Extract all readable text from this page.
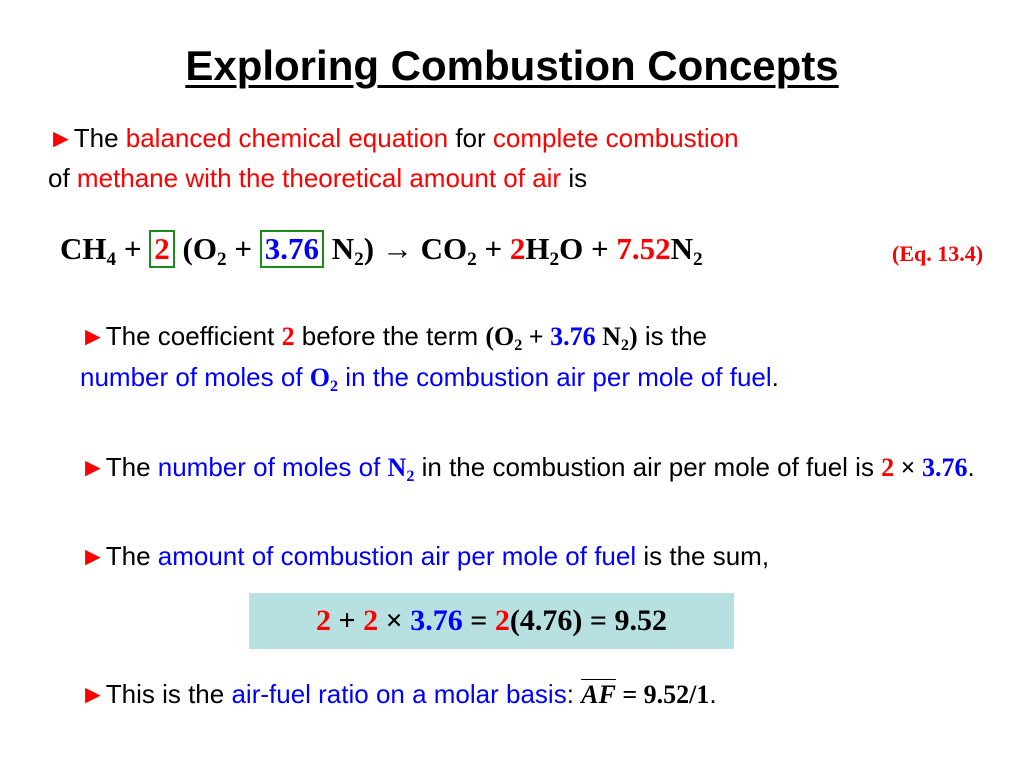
Exploring Combustion Concepts
►The balanced chemical equation for complete combustion
of methane with the theoretical amount of air is
$CH_4 + 2$ ($O_2 + 3.76$ $N_2) \to CO_2 + 2H_2O + 7.52N_2$	(Eq. 13.4)
►The coefficient 2 before the term ($O_2 + 3.76$ $N_2$) is the
number of moles of $O_2$ in the combustion air per mole of fuel.
►The number of moles of $N_2$ in the combustion air per mole of fuel is 2 × 3.76.
►The amount of combustion air per mole of fuel is the sum,
2 + 2 × 3.76 = 2(4.76) = 9.52
►This is the air-fuel ratio on a molar basis: $\overline{AF} = 9.52/1$.
